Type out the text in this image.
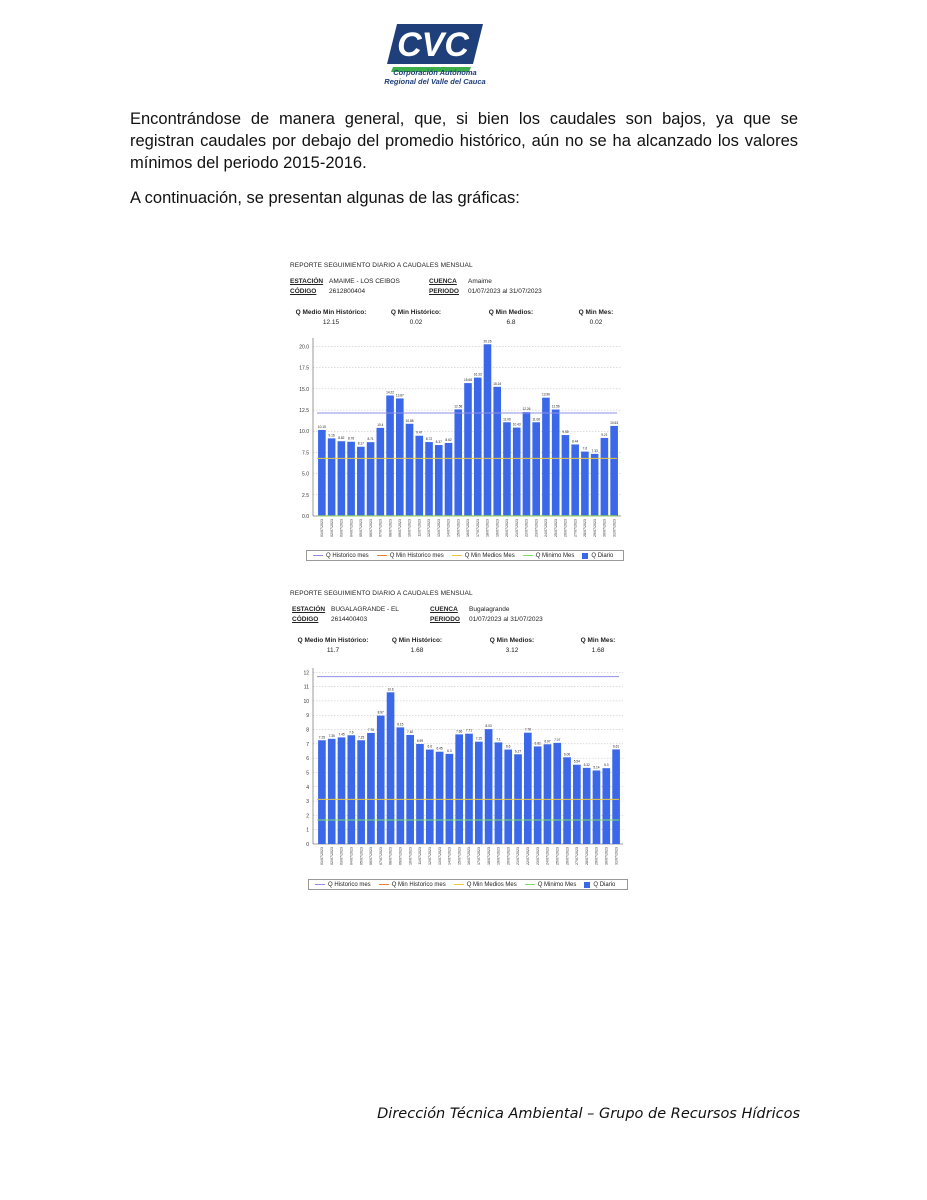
CVC
Corporación Autónoma
Regional del Valle del Cauca

Encontrándose de manera general, que, si bien los caudales son bajos, ya que se registran caudales por debajo del promedio histórico, aún no se ha alcanzado los valores mínimos del periodo 2015-2016.

A continuación, se presentan algunas de las gráficas:

REPORTE SEGUIMIENTO DIARIO A CAUDALES MENSUAL
ESTACIÓN AMAIME - LOS CEIBOS
CÓDIGO 2612800404
CUENCA Amaime
PERIODO 01/07/2023 al 31/07/2023
Q Medio Min Histórico:
12.15
Q Min Histórico:
0.02
Q Min Medios:
6.8
Q Min Mes:
0.02
0.0
2.5
5.0
7.5
10.0
12.5
15.0
17.5
20.0
10.15
01/07/2023
9.16
02/07/2023
8.82
03/07/2023
8.76
04/07/2023
8.17
05/07/2023
8.71
06/07/2023
10.4
07/07/2023
14.22
08/07/2023
13.87
09/07/2023
10.88
10/07/2023
9.47
11/07/2023
8.72
12/07/2023
8.37
13/07/2023
8.62
14/07/2023
12.58
15/07/2023
15.68
16/07/2023
16.33
17/07/2023
20.26
18/07/2023
15.24
19/07/2023
11.06
20/07/2023
10.43
21/07/2023
12.26
22/07/2023
11.06
23/07/2023
13.96
24/07/2023
12.56
25/07/2023
9.55
26/07/2023
8.44
27/07/2023
7.6
28/07/2023
7.33
29/07/2023
9.21
30/07/2023
10.63
31/07/2023
Q Historico mes	Q Min Historico mes	Q Min Medios Mes	Q Minimo Mes	Q Diario
REPORTE SEGUIMIENTO DIARIO A CAUDALES MENSUAL
ESTACIÓN BUGALAGRANDE - EL
CÓDIGO 2614400403
CUENCA Bugalagrande
PERIODO 01/07/2023 al 31/07/2023
Q Medio Min Histórico:
11.7
Q Min Histórico:
1.68
Q Min Medios:
3.12
Q Min Mes:
1.68
0
1
2
3
4
5
6
7
8
9
10
11
12
7.25
01/07/2023
7.35
02/07/2023
7.45
03/07/2023
7.6
04/07/2023
7.25
05/07/2023
7.76
06/07/2023
8.97
07/07/2023
10.6
08/07/2023
8.15
09/07/2023
7.62
10/07/2023
6.99
11/07/2023
6.6
12/07/2023
6.45
13/07/2023
6.3
14/07/2023
7.66
15/07/2023
7.71
16/07/2023
7.15
17/07/2023
8.03
18/07/2023
7.1
19/07/2023
6.6
20/07/2023
6.27
21/07/2023
7.78
22/07/2023
6.82
23/07/2023
6.97
24/07/2023
7.07
25/07/2023
6.06
26/07/2023
5.54
27/07/2023
5.32
28/07/2023
5.14
29/07/2023
5.3
30/07/2023
6.61
31/07/2023
Q Historico mes	Q Min Historico mes	Q Min Medios Mes	Q Minimo Mes	Q Diario
Dirección Técnica Ambiental – Grupo de Recursos Hídricos
